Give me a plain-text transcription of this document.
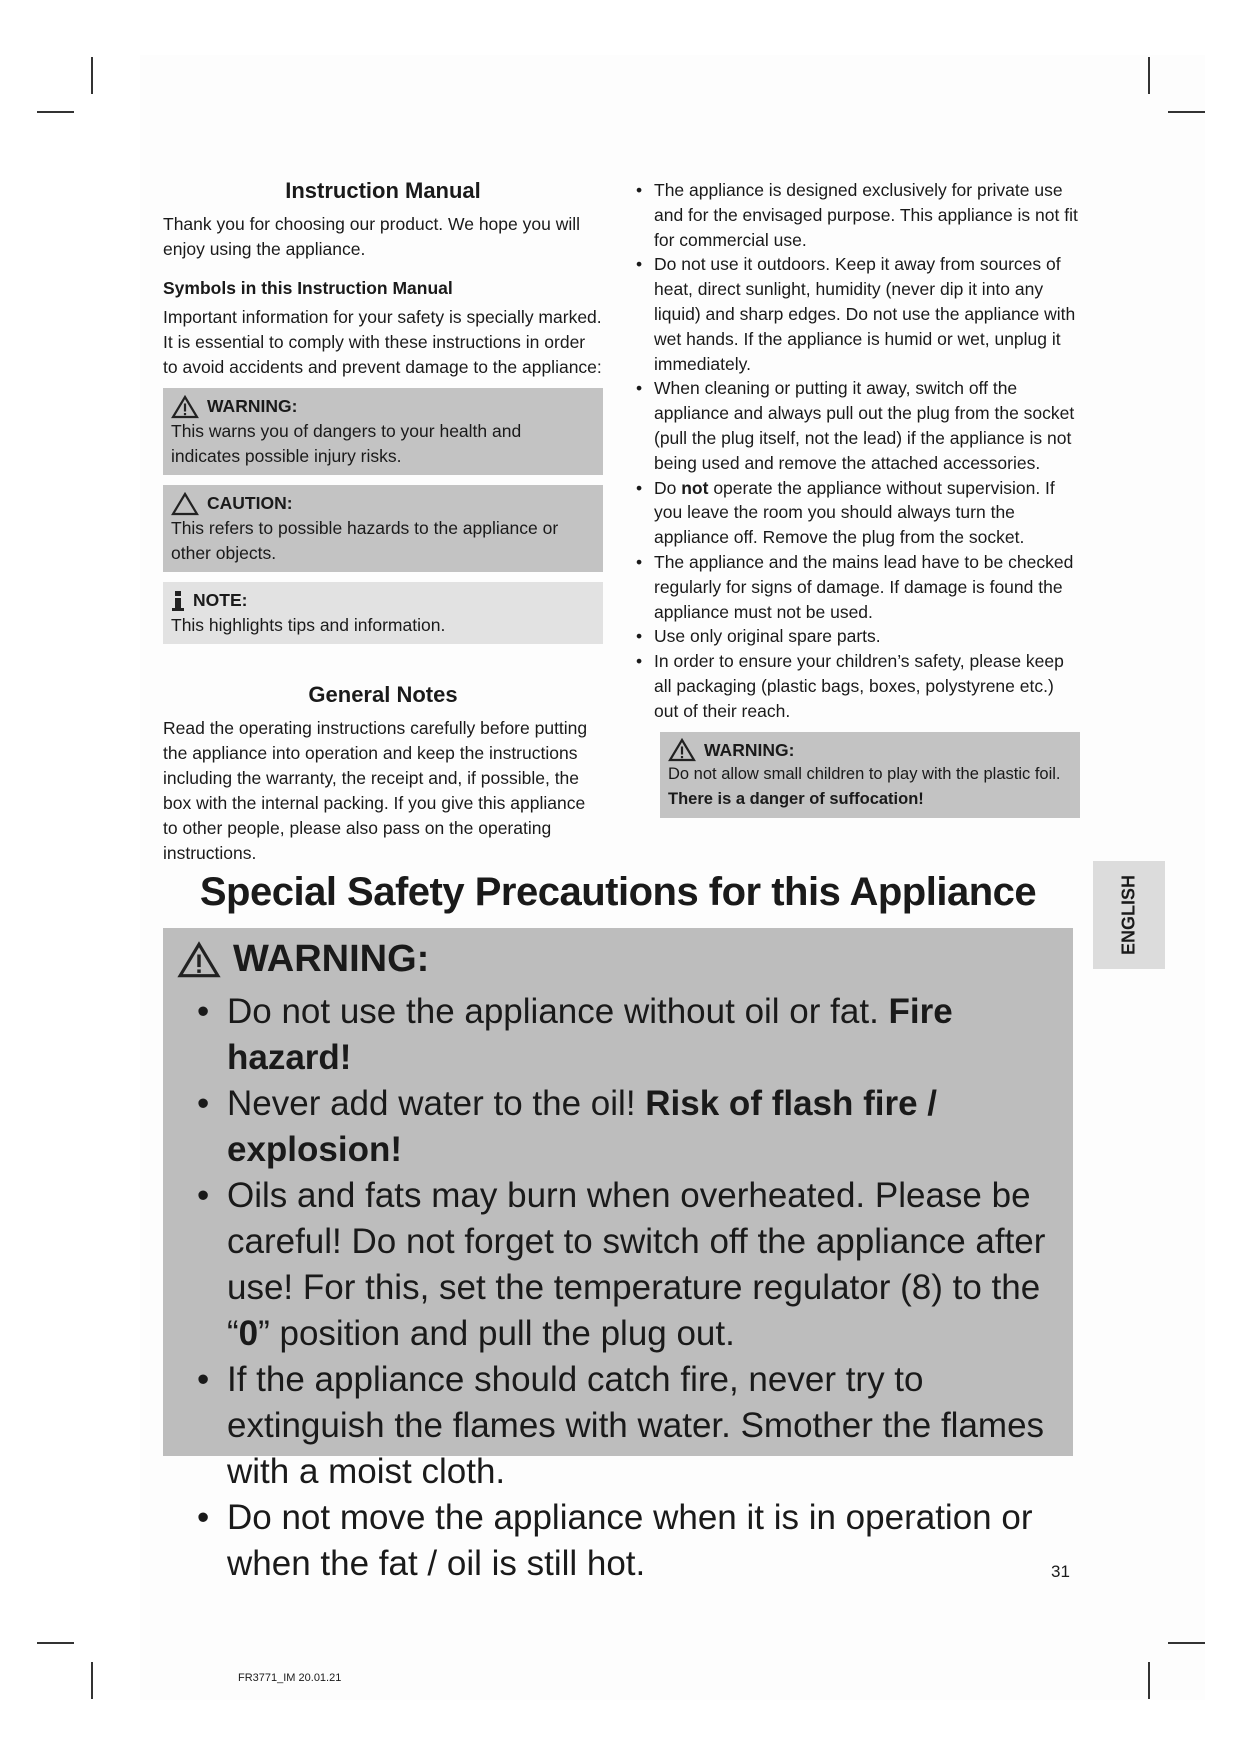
Instruction Manual

Thank you for choosing our product. We hope you will enjoy using the appliance.

Symbols in this Instruction Manual

Important information for your safety is specially marked.

It is essential to comply with these instructions in order to avoid accidents and prevent damage to the appliance:

WARNING:

This warns you of dangers to your health and indicates possible injury risks.

CAUTION:

This refers to possible hazards to the appliance or other objects.

NOTE:

This highlights tips and information.

General Notes

Read the operating instructions carefully before putting the appliance into operation and keep the instructions including the warranty, the receipt and, if possible, the box with the internal packing. If you give this appliance to other people, please also pass on the operating instructions.

• The appliance is designed exclusively for private use and for the envisaged purpose. This appliance is not fit for commercial use.
• Do not use it outdoors. Keep it away from sources of heat, direct sunlight, humidity (never dip it into any liquid) and sharp edges. Do not use the appliance with wet hands. If the appliance is humid or wet, unplug it immediately.
• When cleaning or putting it away, switch off the appliance and always pull out the plug from the socket (pull the plug itself, not the lead) if the appliance is not being used and remove the attached accessories.
• Do not operate the appliance without supervision. If you leave the room you should always turn the appliance off. Remove the plug from the socket.
• The appliance and the mains lead have to be checked regularly for signs of damage. If damage is found the appliance must not be used.
• Use only original spare parts.
• In order to ensure your children’s safety, please keep all packaging (plastic bags, boxes, polystyrene etc.) out of their reach.
WARNING:

Do not allow small children to play with the plastic foil.

There is a danger of suffocation!

Special Safety Precautions for this Appliance
WARNING:
• Do not use the appliance without oil or fat. Fire hazard!
• Never add water to the oil! Risk of flash fire / explosion!
• Oils and fats may burn when overheated. Please be careful! Do not forget to switch off the appliance after use! For this, set the temperature regulator (8) to the “0” position and pull the plug out.
• If the appliance should catch fire, never try to extinguish the flames with water. Smother the flames with a moist cloth.
• Do not move the appliance when it is in operation or when the fat / oil is still hot.
ENGLISH
31
FR3771_IM 20.01.21
